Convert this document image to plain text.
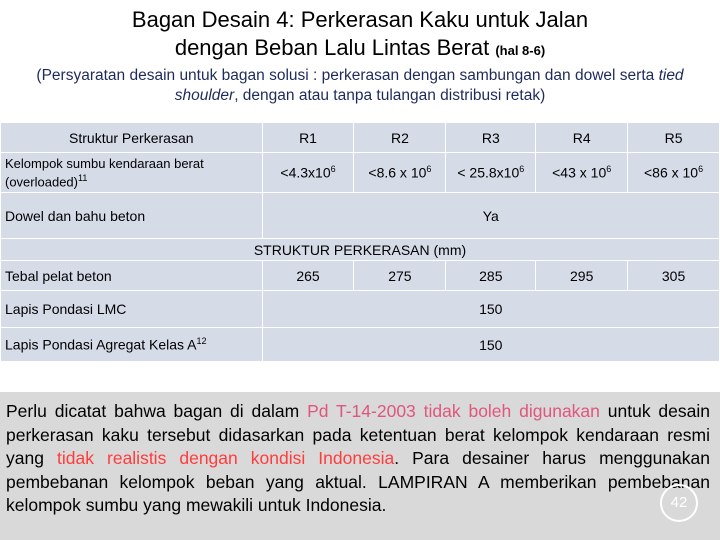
Bagan Desain 4: Perkerasan Kaku untuk Jalan
dengan Beban Lalu Lintas Berat (hal 8-6)
(Persyaratan desain untuk bagan solusi : perkerasan dengan sambungan dan dowel serta tied shoulder, dengan atau tanpa tulangan distribusi retak)
Struktur Perkerasan	R1	R2	R3	R4	R5
Kelompok sumbu kendaraan berat (overloaded)$^{11}$	$<4.3x10^6$	<8.6 x $10^6$	< $25.8x10^6$	<43 x $10^6$	<86 x $10^6$
Dowel dan bahu beton	Ya				
STRUKTUR PERKERASAN (mm)					
Tebal pelat beton	265	275	285	295	305
Lapis Pondasi LMC	150				
Lapis Pondasi Agregat Kelas $A^{12}$	150				

Perlu dicatat bahwa bagan di dalam Pd T-14-2003 tidak boleh digunakan untuk desain perkerasan kaku tersebut didasarkan pada ketentuan berat kelompok kendaraan resmi yang tidak realistis dengan kondisi Indonesia. Para desainer harus menggunakan pembebanan kelompok beban yang aktual. LAMPIRAN A memberikan pembebanan kelompok sumbu yang mewakili untuk Indonesia.	42
